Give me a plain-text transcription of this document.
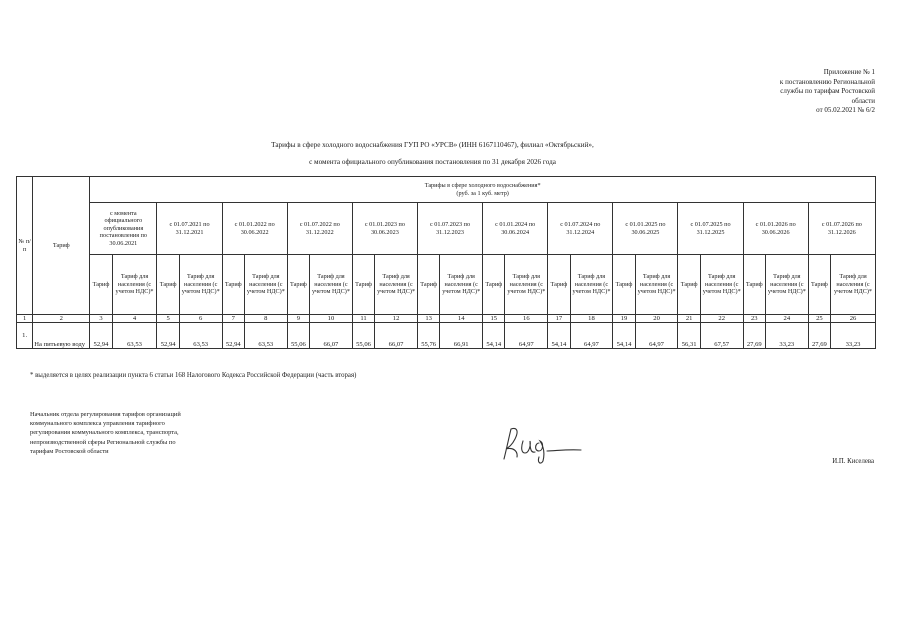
Приложение № 1
к постановлению Региональной
службы по тарифам Ростовской
области
от 05.02.2021 № 6/2
Тарифы в сфере холодного водоснабжения ГУП РО «УРСВ» (ИНН 6167110467), филиал «Октябрьский»,
с момента официального опубликования постановления по 31 декабря 2026 года
№ п/п	Тариф	Тарифы в сфере холодного водоснабжения*
(руб. за 1 куб. метр)																							
		с момента официального опубликования постановления по 30.06.2021		с 01.07.2021 по 31.12.2021		с 01.01.2022 по 30.06.2022		с 01.07.2022 по 31.12.2022		с 01.01.2023 по 30.06.2023		с 01.07.2023 по 31.12.2023		с 01.01.2024 по 30.06.2024		с 01.07.2024 по 31.12.2024		с 01.01.2025 по 30.06.2025		с 01.07.2025 по 31.12.2025		с 01.01.2026 по 30.06.2026		с 01.07.2026 по 31.12.2026	
		Тариф	Тариф для населения (с учетом НДС)*	Тариф	Тариф для населения (с учетом НДС)*	Тариф	Тариф для населения (с учетом НДС)*	Тариф	Тариф для населения (с учетом НДС)*	Тариф	Тариф для населения (с учетом НДС)*	Тариф	Тариф для населения (с учетом НДС)*	Тариф	Тариф для населения (с учетом НДС)*	Тариф	Тариф для населения (с учетом НДС)*	Тариф	Тариф для населения (с учетом НДС)*	Тариф	Тариф для населения (с учетом НДС)*	Тариф	Тариф для населения (с учетом НДС)*	Тариф	Тариф для населения (с учетом НДС)*
1	2	3	4	5	6	7	8	9	10	11	12	13	14	15	16	17	18	19	20	21	22	23	24	25	26
1.	На питьевую воду	52,94	63,53	52,94	63,53	52,94	63,53	55,06	66,07	55,06	66,07	55,76	66,91	54,14	64,97	54,14	64,97	54,14	64,97	56,31	67,57	27,69	33,23	27,69	33,23
* выделяется в целях реализации пункта 6 статьи 168 Налогового Кодекса Российской Федерации (часть вторая)
Начальник отдела регулирования тарифов организаций
коммунального комплекса управления тарифного
регулирования коммунального комплекса, транспорта,
непроизводственной сферы Региональной службы по
тарифам Ростовской области
И.П. Киселева
